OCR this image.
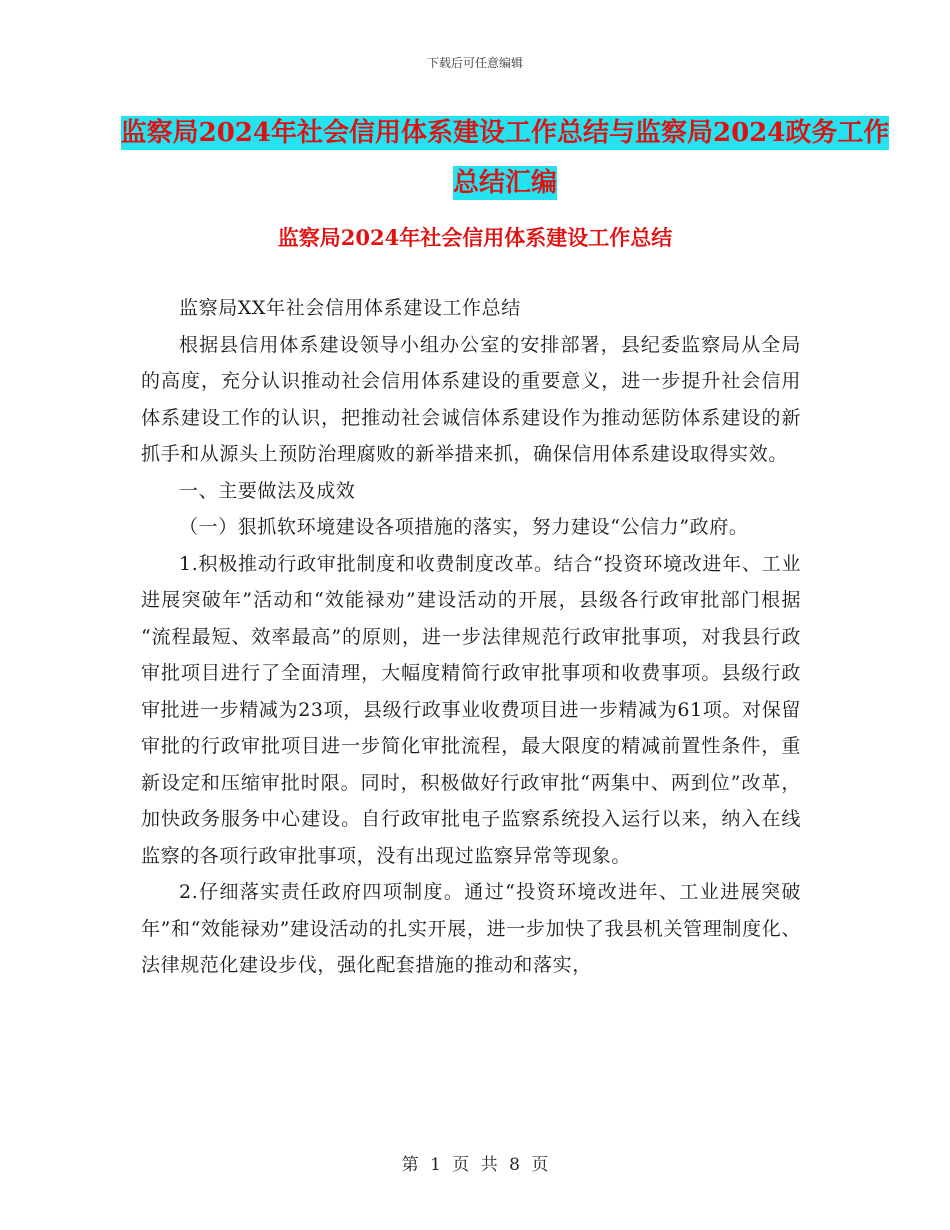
下载后可任意编辑
监察局2024年社会信用体系建设工作总结与监察局2024政务工作总结汇编
监察局2024年社会信用体系建设工作总结

监察局XX年社会信用体系建设工作总结

根据县信用体系建设领导小组办公室的安排部署，县纪委监察局从全局的高度，充分认识推动社会信用体系建设的重要意义，进一步提升社会信用体系建设工作的认识，把推动社会诚信体系建设作为推动惩防体系建设的新抓手和从源头上预防治理腐败的新举措来抓，确保信用体系建设取得实效。

一、主要做法及成效

（一）狠抓软环境建设各项措施的落实，努力建设“公信力”政府。

1.积极推动行政审批制度和收费制度改革。结合“投资环境改进年、工业进展突破年”活动和“效能禄劝”建设活动的开展，县级各行政审批部门根据 “流程最短、效率最高”的原则，进一步法律规范行政审批事项，对我县行政审批项目进行了全面清理，大幅度精简行政审批事项和收费事项。县级行政审批进一步精减为23项，县级行政事业收费项目进一步精减为61项。对保留审批的行政审批项目进一步简化审批流程，最大限度的精减前置性条件，重新设定和压缩审批时限。同时，积极做好行政审批“两集中、两到位”改革，加快政务服务中心建设。自行政审批电子监察系统投入运行以来，纳入在线监察的各项行政审批事项，没有出现过监察异常等现象。

2.仔细落实责任政府四项制度。通过“投资环境改进年、工业进展突破年”和“效能禄劝”建设活动的扎实开展，进一步加快了我县机关管理制度化、法律规范化建设步伐，强化配套措施的推动和落实，

第 1 页 共 8 页
